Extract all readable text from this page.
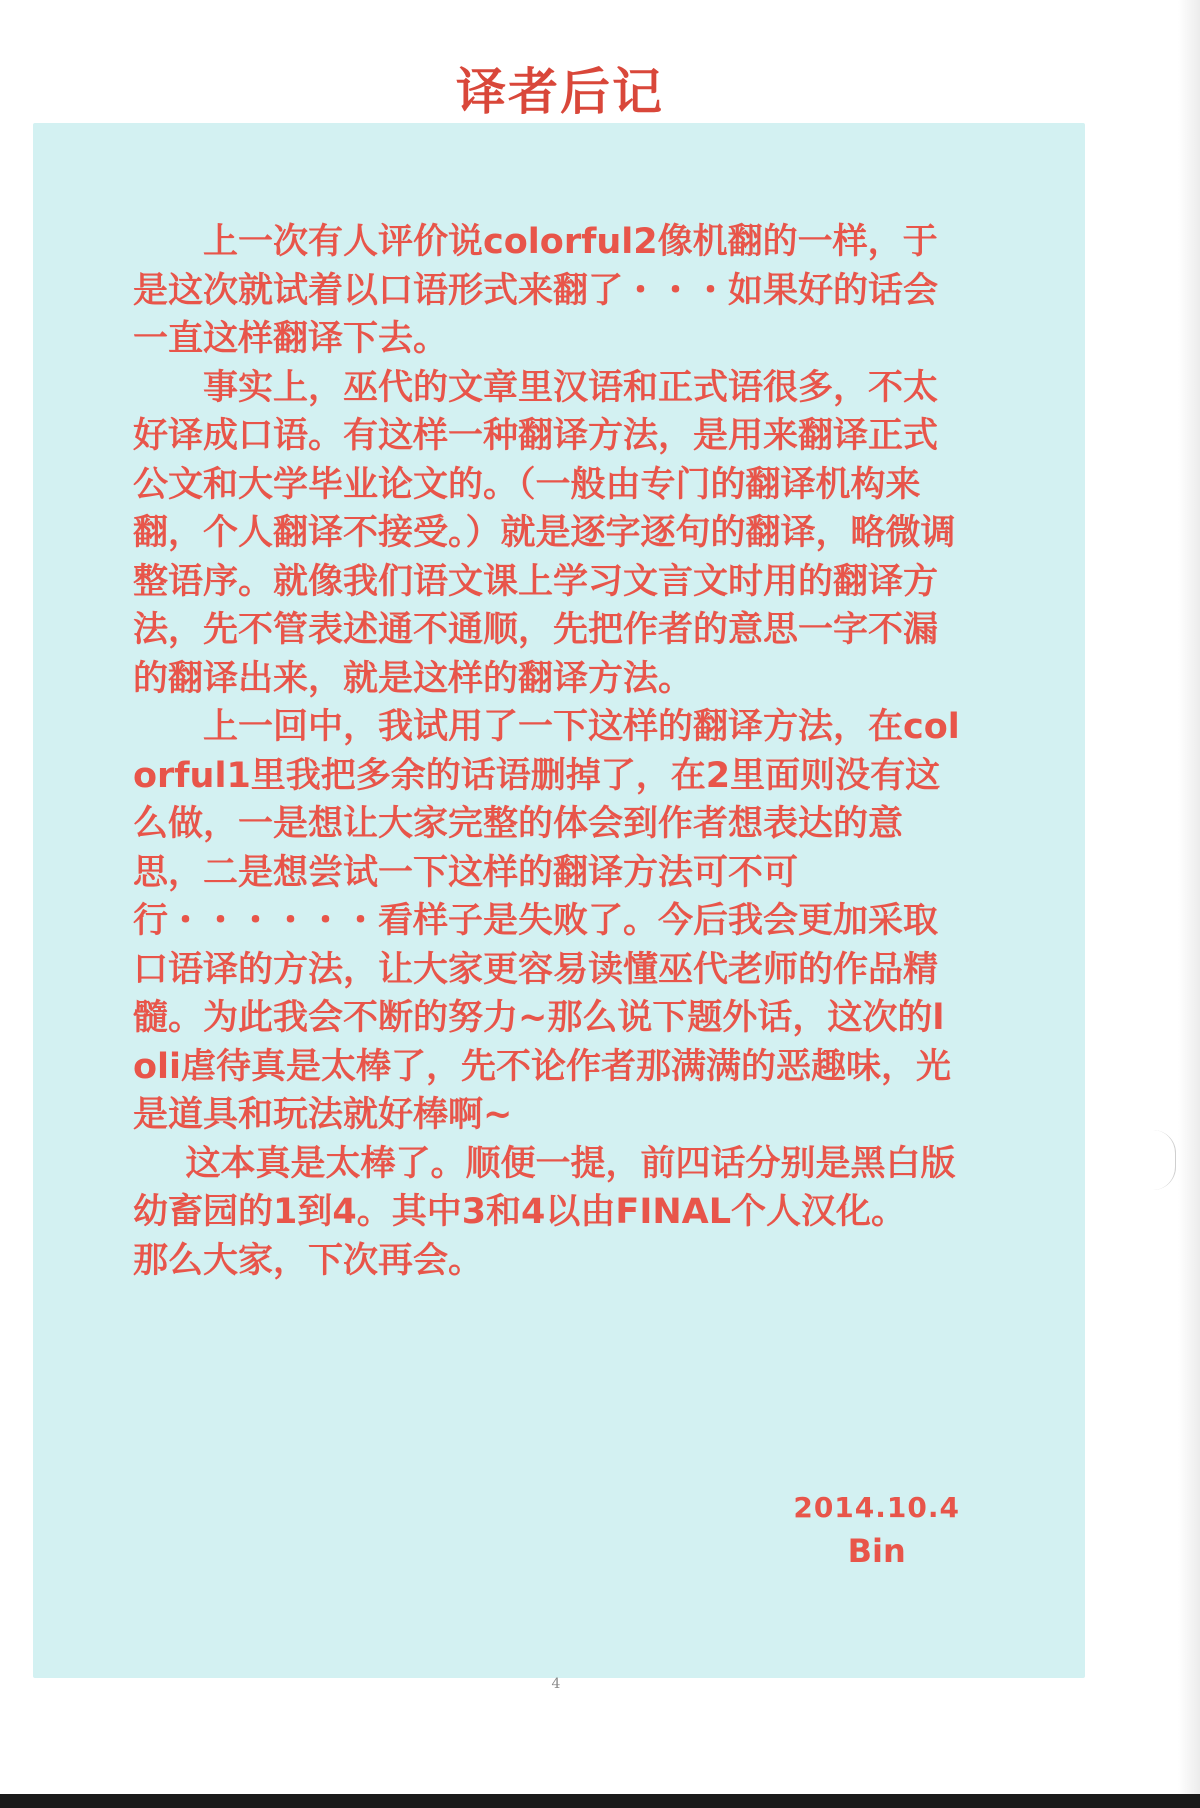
译者后记

上一次有人评价说colorful2像机翻的一样，于是这次就试着以口语形式来翻了・・・如果好的话会一直这样翻译下去。

事实上，巫代的文章里汉语和正式语很多，不太好译成口语。有这样一种翻译方法，是用来翻译正式公文和大学毕业论文的。（一般由专门的翻译机构来翻，个人翻译不接受。）就是逐字逐句的翻译，略微调整语序。就像我们语文课上学习文言文时用的翻译方法，先不管表述通不通顺，先把作者的意思一字不漏的翻译出来，就是这样的翻译方法。

上一回中，我试用了一下这样的翻译方法，在colorful1里我把多余的话语删掉了，在2里面则没有这么做，一是想让大家完整的体会到作者想表达的意思，二是想尝试一下这样的翻译方法可不可行・・・・・・看样子是失败了。今后我会更加采取口语译的方法，让大家更容易读懂巫代老师的作品精髓。为此我会不断的努力~那么说下题外话，这次的loli虐待真是太棒了，先不论作者那满满的恶趣味，光是道具和玩法就好棒啊~

这本真是太棒了。顺便一提，前四话分别是黑白版幼畜园的1到4。其中3和4以由FINAL个人汉化。

那么大家，下次再会。

2014.10.4
Bin
4
